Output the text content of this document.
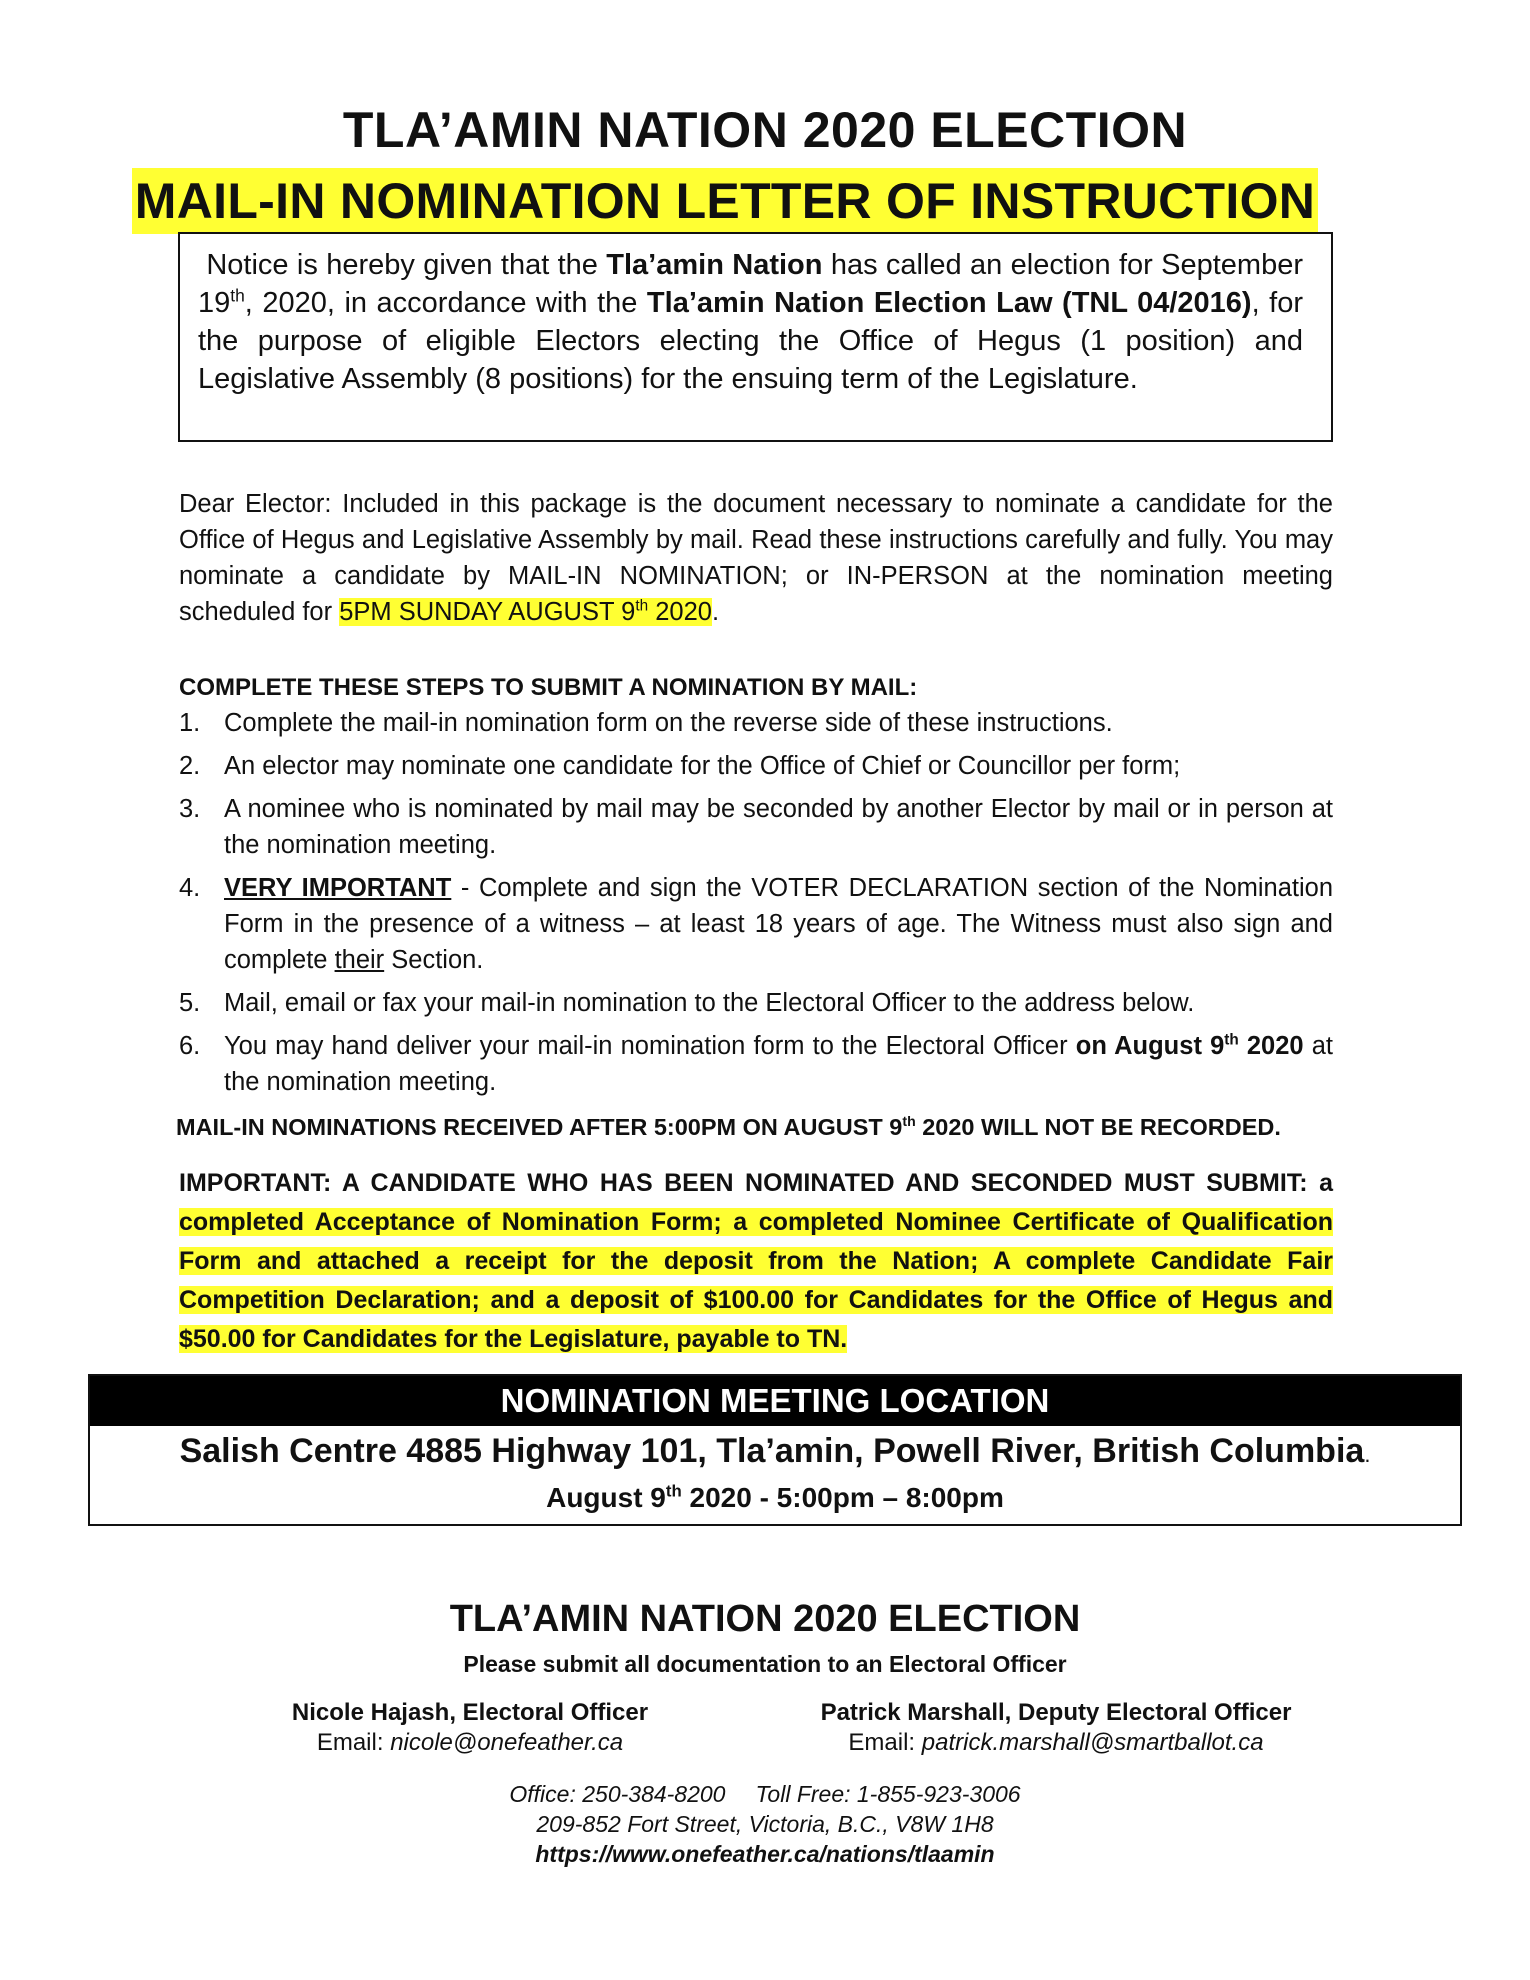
TLA’AMIN NATION 2020 ELECTION
MAIL-IN NOMINATION LETTER OF INSTRUCTION

Notice is hereby given that the Tla’amin Nation has called an election for September 19th, 2020, in accordance with the Tla’amin Nation Election Law (TNL 04/2016), for the purpose of eligible Electors electing the Office of Hegus (1 position) and Legislative Assembly (8 positions) for the ensuing term of the Legislature.

Dear Elector: Included in this package is the document necessary to nominate a candidate for the Office of Hegus and Legislative Assembly by mail. Read these instructions carefully and fully. You may nominate a candidate by MAIL-IN NOMINATION; or IN-PERSON at the nomination meeting scheduled for 5PM SUNDAY AUGUST 9th 2020.

COMPLETE THESE STEPS TO SUBMIT A NOMINATION BY MAIL:
1. Complete the mail-in nomination form on the reverse side of these instructions.
2. An elector may nominate one candidate for the Office of Chief or Councillor per form;
3. A nominee who is nominated by mail may be seconded by another Elector by mail or in person at the nomination meeting.
4. VERY IMPORTANT - Complete and sign the VOTER DECLARATION section of the Nomination Form in the presence of a witness – at least 18 years of age. The Witness must also sign and complete their Section.
5. Mail, email or fax your mail-in nomination to the Electoral Officer to the address below.
6. You may hand deliver your mail-in nomination form to the Electoral Officer on August 9th 2020 at the nomination meeting.
MAIL-IN NOMINATIONS RECEIVED AFTER 5:00PM ON AUGUST 9th 2020 WILL NOT BE RECORDED.

IMPORTANT: A CANDIDATE WHO HAS BEEN NOMINATED AND SECONDED MUST SUBMIT: a completed Acceptance of Nomination Form; a completed Nominee Certificate of Qualification Form and attached a receipt for the deposit from the Nation; A complete Candidate Fair Competition Declaration; and a deposit of $100.00 for Candidates for the Office of Hegus and $50.00 for Candidates for the Legislature, payable to TN.

NOMINATION MEETING LOCATION
Salish Centre 4885 Highway 101, Tla’amin, Powell River, British Columbia.
August 9th 2020 - 5:00pm – 8:00pm
TLA’AMIN NATION 2020 ELECTION
Please submit all documentation to an Electoral Officer
Nicole Hajash, Electoral Officer
Email: nicole@onefeather.ca
Patrick Marshall, Deputy Electoral Officer
Email: patrick.marshall@smartballot.ca
Office: 250-384-8200 Toll Free: 1-855-923-3006
209-852 Fort Street, Victoria, B.C., V8W 1H8
https://www.onefeather.ca/nations/tlaamin
